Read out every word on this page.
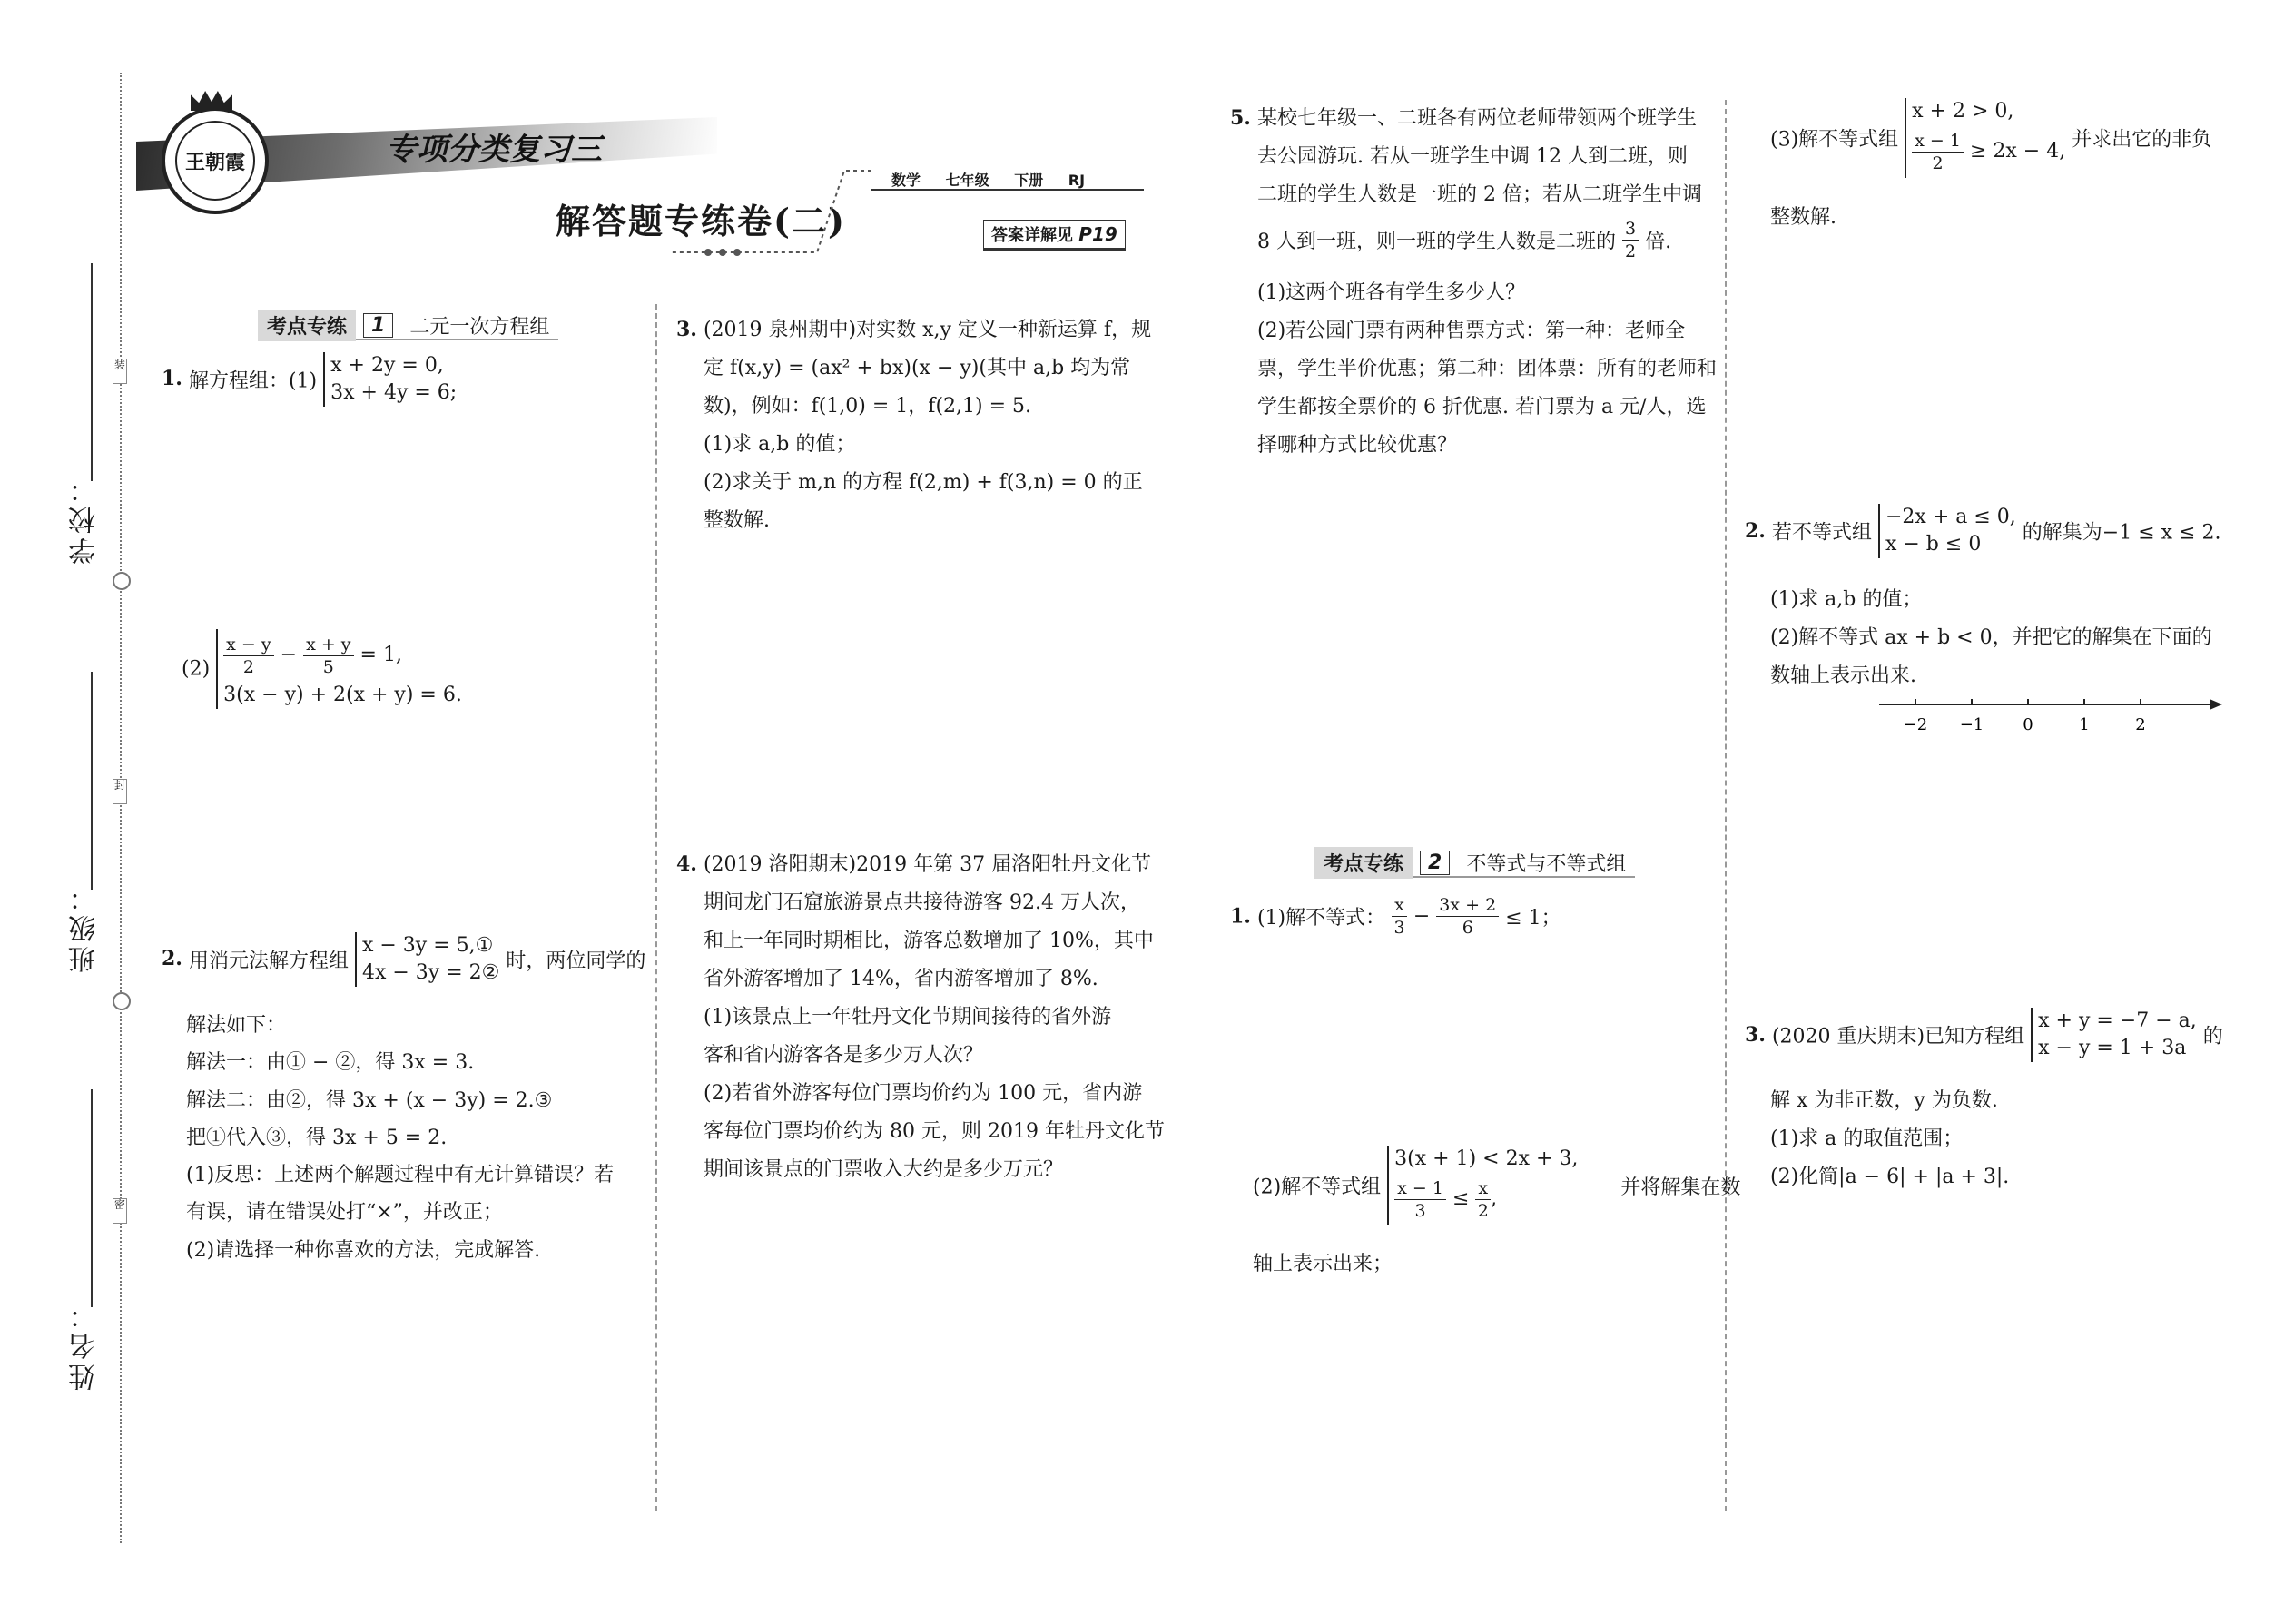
学校：
班级：
姓名：
装
封
密
王朝霞	专项分类复习三
解答题专练卷(二)
数学 七年级 下册 RJ
答案详解见 P19
考点专练	1	二元一次方程组
1. 解方程组：(1)
x + 2y = 0,
3x + 4y = 6;
$(2) \frac{x - y}{2} - \frac{x + y}{5} = 1$,
3(x − y) + 2(x + y) = 6.
2. 用消元法解方程组
x − 3y = 5,①
4x − 3y = 2② 时，两位同学的
解法如下：
解法一：由① − ②，得 3x = 3.
解法二：由②，得 3x + (x − 3y) = 2.③
把①代入③，得 3x + 5 = 2.
(1)反思：上述两个解题过程中有无计算错误？若
有误，请在错误处打“×”，并改正；
(2)请选择一种你喜欢的方法，完成解答.
3. (2019 泉州期中)对实数 x,y 定义一种新运算 f，规
定 f(x,y) = (ax² + bx)(x − y)(其中 a,b 均为常
数)，例如：f(1,0) = 1，f(2,1) = 5.
(1)求 a,b 的值；
(2)求关于 m,n 的方程 f(2,m) + f(3,n) = 0 的正
整数解.
4. (2019 洛阳期末)2019 年第 37 届洛阳牡丹文化节
期间龙门石窟旅游景点共接待游客 92.4 万人次，
和上一年同时期相比，游客总数增加了 10%，其中
省外游客增加了 14%，省内游客增加了 8%.
(1)该景点上一年牡丹文化节期间接待的省外游
客和省内游客各是多少万人次？
(2)若省外游客每位门票均价约为 100 元，省内游
客每位门票均价约为 80 元，则 2019 年牡丹文化节
期间该景点的门票收入大约是多少万元？
5. 某校七年级一、二班各有两位老师带领两个班学生
去公园游玩. 若从一班学生中调 12 人到二班，则
二班的学生人数是一班的 2 倍；若从二班学生中调
8 人到一班，则一班的学生人数是二班的 $\frac{3}{2}$ 倍.
(1)这两个班各有学生多少人？
(2)若公园门票有两种售票方式：第一种：老师全
票，学生半价优惠；第二种：团体票：所有的老师和
学生都按全票价的 6 折优惠. 若门票为 a 元/人，选
择哪种方式比较优惠？
考点专练	2	不等式与不等式组
1. (1)解不等式： $\frac{x}{3} - \frac{3x + 2}{6} \le 1$；
(2)解不等式组
3(x + 1) < 2x + 3,
$\frac{x - 1}{3} \le \frac{x}{2}$ ,	并将解集在数
轴上表示出来；
(3)解不等式组
x + 2 > 0,
$\frac{x - 1}{2} \ge 2x - 4$, 并求出它的非负
整数解.
2. 若不等式组
−2x + a ≤ 0,
x − b ≤ 0	的解集为−1 ≤ x ≤ 2.
(1)求 a,b 的值；
(2)解不等式 ax + b < 0，并把它的解集在下面的
数轴上表示出来.
−2 −1 0	1	2
3. (2020 重庆期末)已知方程组
x + y = −7 − a,
x − y = 1 + 3a 的
解 x 为非正数，y 为负数.
(1)求 a 的取值范围；
(2)化简|a − 6| + |a + 3|.
